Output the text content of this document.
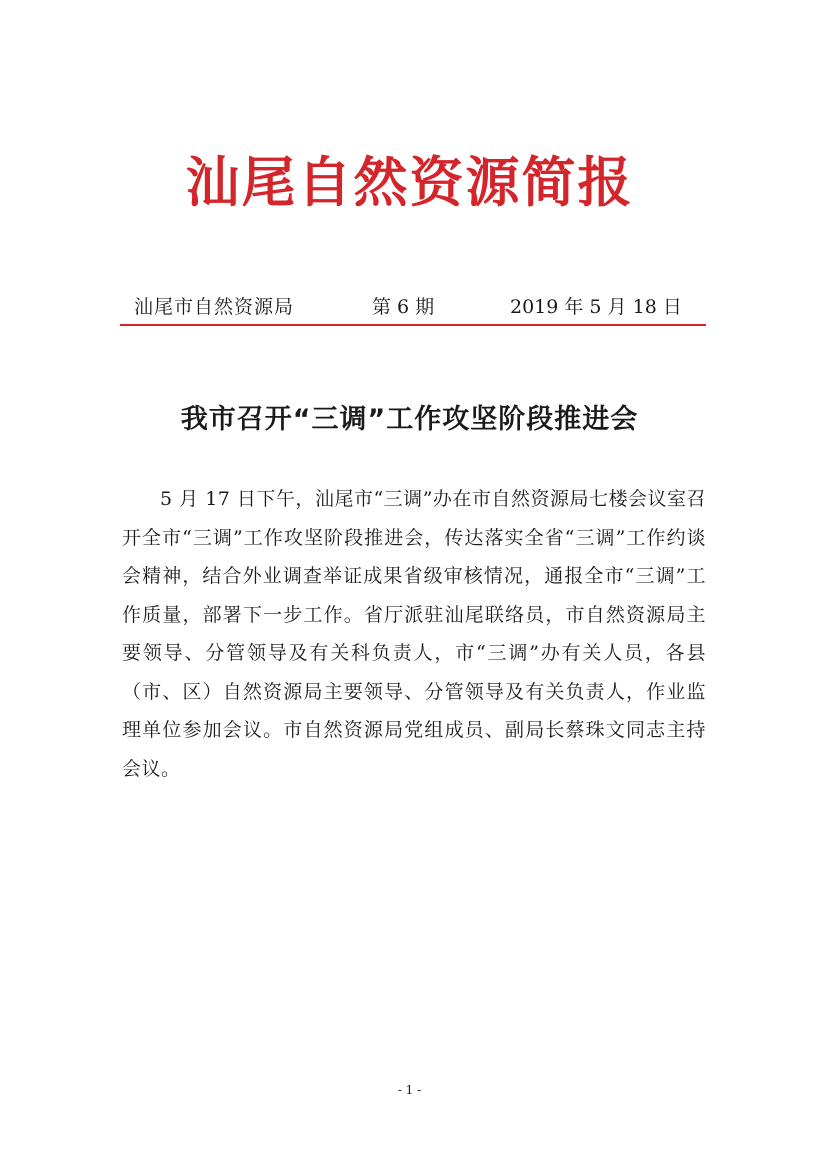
汕尾自然资源简报
汕尾市自然资源局	第 6 期	2019 年 5 月 18 日
我市召开“三调”工作攻坚阶段推进会
5 月 17 日下午，汕尾市“三调”办在市自然资源局七楼会议室召开全市“三调”工作攻坚阶段推进会，传达落实全省“三调”工作约谈会精神，结合外业调查举证成果省级审核情况，通报全市“三调”工作质量，部署下一步工作。省厅派驻汕尾联络员，市自然资源局主要领导、分管领导及有关科负责人，市“三调”办有关人员，各县（市、区）自然资源局主要领导、分管领导及有关负责人，作业监理单位参加会议。市自然资源局党组成员、副局长蔡珠文同志主持会议。
- 1 -
